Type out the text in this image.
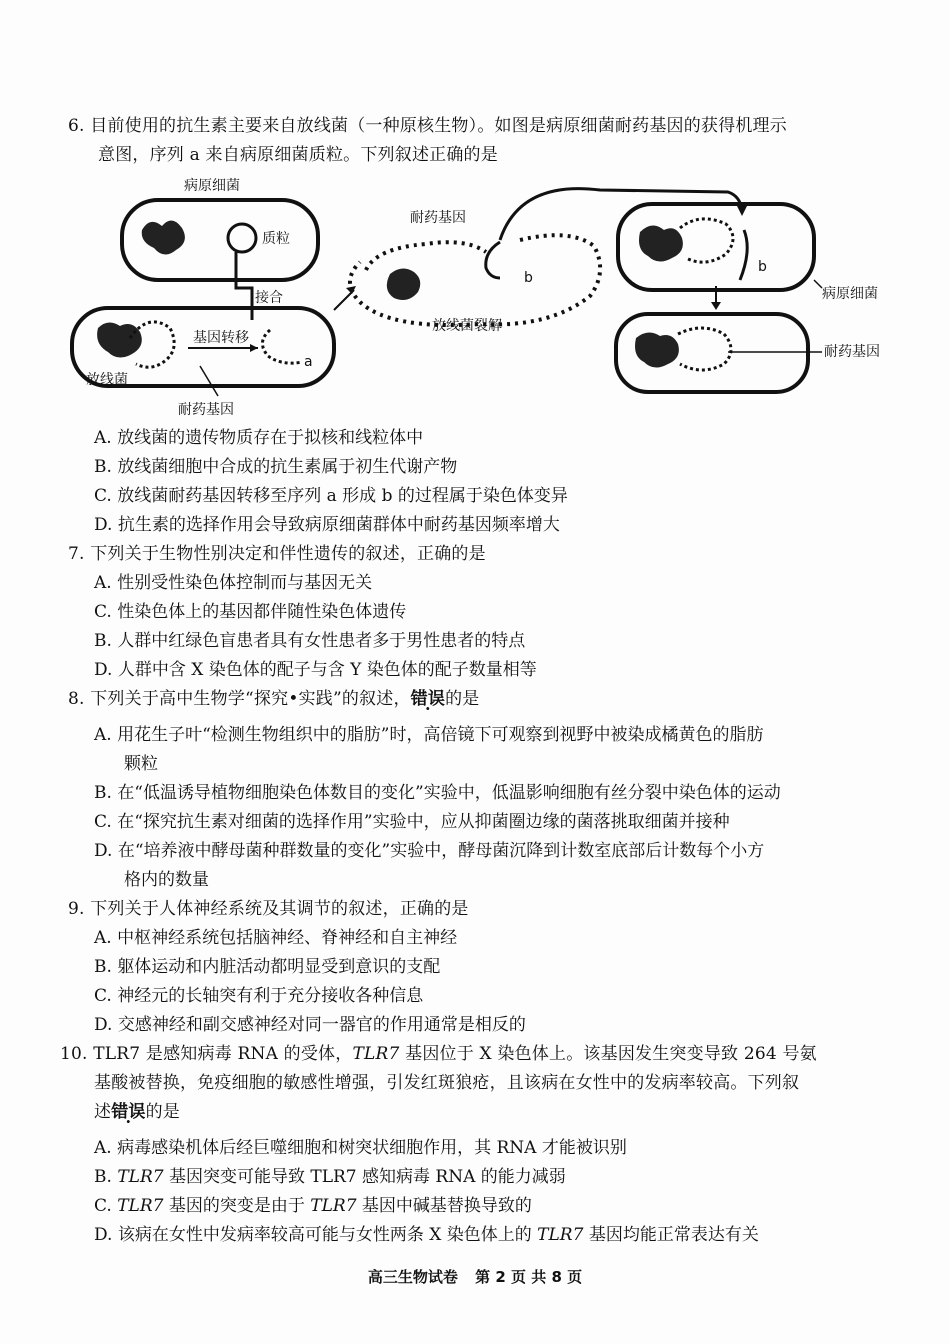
6. 目前使用的抗生素主要来自放线菌（一种原核生物）。如图是病原细菌耐药基因的获得机理示
意图，序列 a 来自病原细菌质粒。下列叙述正确的是
病原细菌
质粒
接合
基因转移
a
放线菌
耐药基因
耐药基因
b
放线菌裂解
b
病原细菌
耐药基因
A. 放线菌的遗传物质存在于拟核和线粒体中
B. 放线菌细胞中合成的抗生素属于初生代谢产物
C. 放线菌耐药基因转移至序列 a 形成 b 的过程属于染色体变异
D. 抗生素的选择作用会导致病原细菌群体中耐药基因频率增大
7. 下列关于生物性别决定和伴性遗传的叙述，正确的是
A. 性别受性染色体控制而与基因无关
C. 性染色体上的基因都伴随性染色体遗传
B. 人群中红绿色盲患者具有女性患者多于男性患者的特点
D. 人群中含 X 染色体的配子与含 Y 染色体的配子数量相等
8. 下列关于高中生物学“探究•实践”的叙述，错误的是
A. 用花生子叶“检测生物组织中的脂肪”时，高倍镜下可观察到视野中被染成橘黄色的脂肪
颗粒
B. 在“低温诱导植物细胞染色体数目的变化”实验中，低温影响细胞有丝分裂中染色体的运动
C. 在“探究抗生素对细菌的选择作用”实验中，应从抑菌圈边缘的菌落挑取细菌并接种
D. 在“培养液中酵母菌种群数量的变化”实验中，酵母菌沉降到计数室底部后计数每个小方
格内的数量
9. 下列关于人体神经系统及其调节的叙述，正确的是
A. 中枢神经系统包括脑神经、脊神经和自主神经
B. 躯体运动和内脏活动都明显受到意识的支配
C. 神经元的长轴突有利于充分接收各种信息
D. 交感神经和副交感神经对同一器官的作用通常是相反的
10. TLR7 是感知病毒 RNA 的受体，TLR7 基因位于 X 染色体上。该基因发生突变导致 264 号氨
基酸被替换，免疫细胞的敏感性增强，引发红斑狼疮，且该病在女性中的发病率较高。下列叙
述错误的是
A. 病毒感染机体后经巨噬细胞和树突状细胞作用，其 RNA 才能被识别
B. TLR7 基因突变可能导致 TLR7 感知病毒 RNA 的能力减弱
C. TLR7 基因的突变是由于 TLR7 基因中碱基替换导致的
D. 该病在女性中发病率较高可能与女性两条 X 染色体上的 TLR7 基因均能正常表达有关
高三生物试卷 第 2 页 共 8 页
